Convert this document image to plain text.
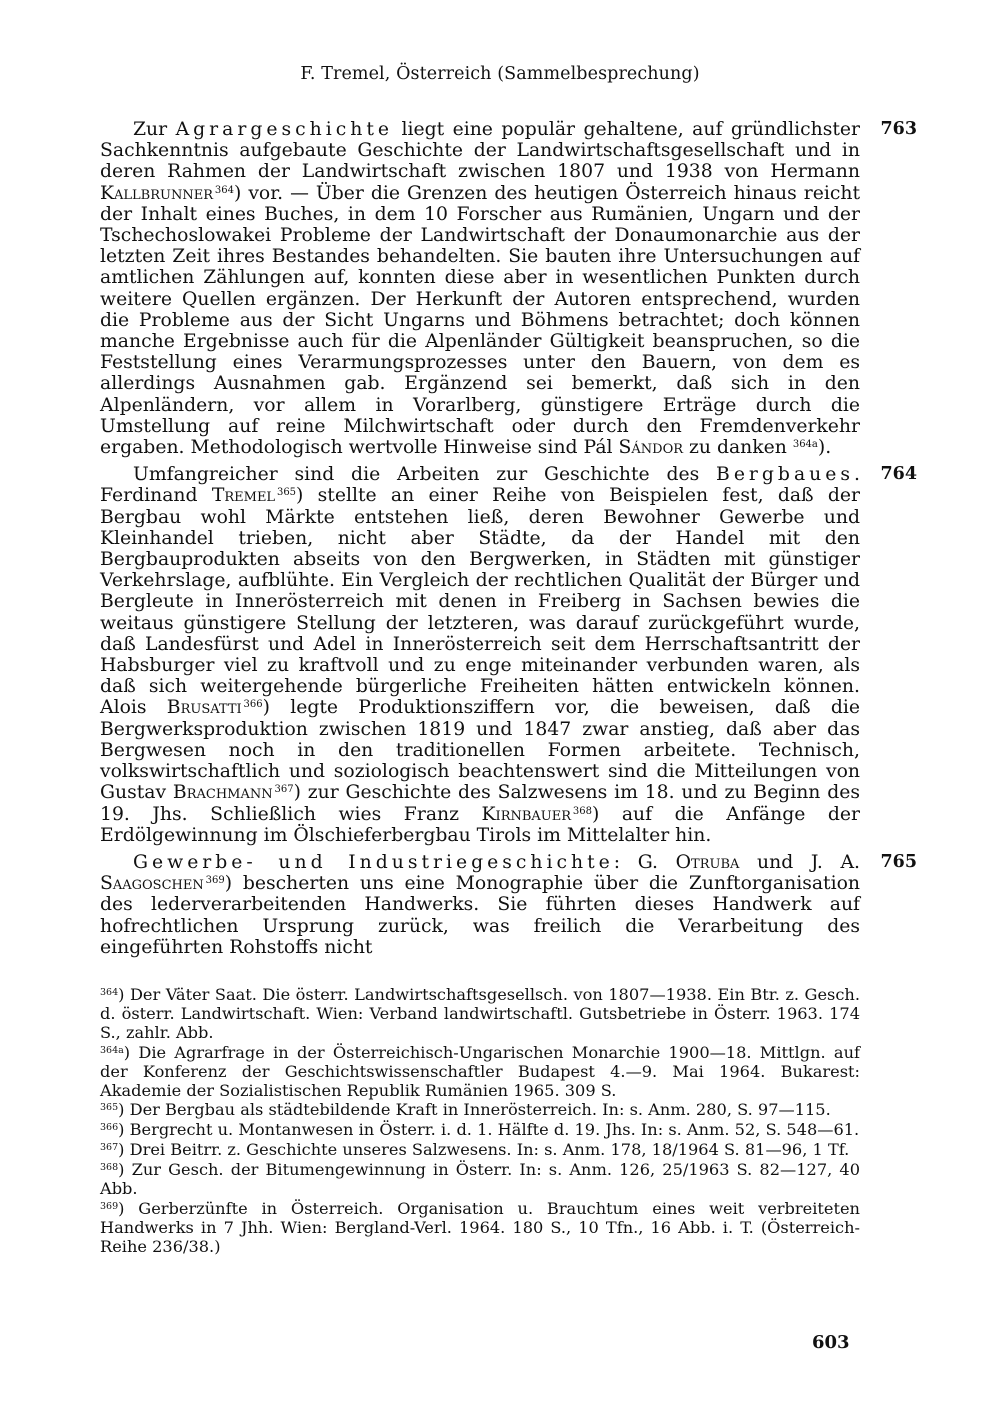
F. Tremel, Österreich (Sammelbesprechung)

763
Zur Agrargeschichte liegt eine populär gehaltene, auf gründlichster Sachkenntnis aufgebaute Geschichte der Landwirtschaftsgesellschaft und in deren Rahmen der Landwirtschaft zwischen 1807 und 1938 von Hermann Kallbrunner  $^{364}$) vor. — Über die Grenzen des heutigen Österreich hinaus reicht der Inhalt eines Buches, in dem 10 Forscher aus Rumänien, Ungarn und der Tschechoslowakei Probleme der Landwirtschaft der Donaumonarchie aus der letzten Zeit ihres Bestandes behandelten. Sie bauten ihre Untersuchungen auf amtlichen Zählungen auf, konnten diese aber in wesentlichen Punkten durch weitere Quellen ergänzen. Der Herkunft der Autoren entsprechend, wurden die Probleme aus der Sicht Ungarns und Böhmens betrachtet; doch können manche Ergebnisse auch für die Alpenländer Gültigkeit beanspruchen, so die Feststellung eines Verarmungsprozesses unter den Bauern, von dem es allerdings Ausnahmen gab. Ergänzend sei bemerkt, daß sich in den Alpenländern, vor allem in Vorarlberg, günstigere Erträge durch die Umstellung auf reine Milchwirtschaft oder durch den Fremdenverkehr ergaben. Methodologisch wertvolle Hinweise sind Pál Sándor zu danken $^{364a}$).

764
Umfangreicher sind die Arbeiten zur Geschichte des Bergbaues. Ferdinand Tremel  $^{365}$) stellte an einer Reihe von Beispielen fest, daß der Bergbau wohl Märkte entstehen ließ, deren Bewohner Gewerbe und Kleinhandel trieben, nicht aber Städte, da der Handel mit den Bergbauprodukten abseits von den Bergwerken, in Städten mit günstiger Verkehrslage, aufblühte. Ein Vergleich der rechtlichen Qualität der Bürger und Bergleute in Innerösterreich mit denen in Freiberg in Sachsen bewies die weitaus günstigere Stellung der letzteren, was darauf zurückgeführt wurde, daß Landesfürst und Adel in Innerösterreich seit dem Herrschaftsantritt der Habsburger viel zu kraftvoll und zu enge miteinander verbunden waren, als daß sich weitergehende bürgerliche Freiheiten hätten entwickeln können. Alois Brusatti  $^{366}$) legte Produktionsziffern vor, die beweisen, daß die Bergwerksproduktion zwischen 1819 und 1847 zwar anstieg, daß aber das Bergwesen noch in den traditionellen Formen arbeitete. Technisch, volkswirtschaftlich und soziologisch beachtenswert sind die Mitteilungen von Gustav Brachmann  $^{367}$) zur Geschichte des Salzwesens im 18. und zu Beginn des 19. Jhs. Schließlich wies Franz Kirnbauer  $^{368}$) auf die Anfänge der Erdölgewinnung im Ölschieferbergbau Tirols im Mittelalter hin.

765
Gewerbe- und Industriegeschichte: G. Otruba und J. A. Saagoschen  $^{369}$) bescherten uns eine Monographie über die Zunftorganisation des lederverarbeitenden Handwerks. Sie führten dieses Handwerk auf hofrechtlichen Ursprung zurück, was freilich die Verarbeitung des eingeführten Rohstoffs nicht

$^{364}$) Der Väter Saat. Die österr. Landwirtschaftsgesellsch. von 1807—1938. Ein Btr. z. Gesch. d. österr. Landwirtschaft. Wien: Verband landwirtschaftl. Gutsbetriebe in Österr. 1963. 174 S., zahlr. Abb.

$^{364a}$) Die Agrarfrage in der Österreichisch-Ungarischen Monarchie 1900—18. Mittlgn. auf der Konferenz der Geschichtswissenschaftler Budapest 4.—9. Mai 1964. Bukarest: Akademie der Sozialistischen Republik Rumänien 1965. 309 S.

$^{365}$) Der Bergbau als städtebildende Kraft in Innerösterreich. In: s. Anm. 280, S. 97—115.

$^{366}$) Bergrecht u. Montanwesen in Österr. i. d. 1. Hälfte d. 19. Jhs. In: s. Anm. 52, S. 548—61.

$^{367}$) Drei Beitrr. z. Geschichte unseres Salzwesens. In: s. Anm. 178, 18/1964 S. 81—96, 1 Tf.

$^{368}$) Zur Gesch. der Bitumengewinnung in Österr. In: s. Anm. 126, 25/1963 S. 82—127, 40 Abb.

$^{369}$) Gerberzünfte in Österreich. Organisation u. Brauchtum eines weit verbreiteten Handwerks in 7 Jhh. Wien: Bergland-Verl. 1964. 180 S., 10 Tfn., 16 Abb. i. T. (Österreich-Reihe 236/38.)

603
